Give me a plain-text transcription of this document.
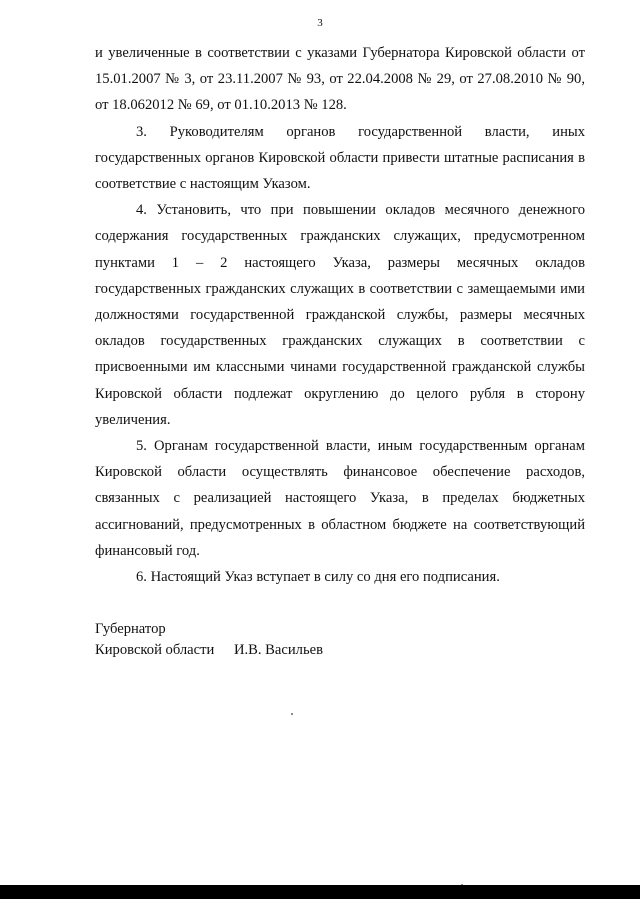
3

и увеличенные в соответствии с указами Губернатора Кировской области от 15.01.2007 № 3, от 23.11.2007 № 93, от 22.04.2008 № 29, от 27.08.2010 № 90, от 18.062012 № 69, от 01.10.2013 № 128.

3. Руководителям органов государственной власти, иных государственных органов Кировской области привести штатные расписания в соответствие с настоящим Указом.

4. Установить, что при повышении окладов месячного денежного содержания государственных гражданских служащих, предусмотренном пунктами 1 – 2 настоящего Указа, размеры месячных окладов государственных гражданских служащих в соответствии с замещаемыми ими должностями государственной гражданской службы, размеры месячных окладов государственных гражданских служащих в соответствии с присвоенными им классными чинами государственной гражданской службы Кировской области подлежат округлению до целого рубля в сторону увеличения.

5. Органам государственной власти, иным государственным органам Кировской области осуществлять финансовое обеспечение расходов, связанных с реализацией настоящего Указа, в пределах бюджетных ассигнований, предусмотренных в областном бюджете на соответствующий финансовый год.

6. Настоящий Указ вступает в силу со дня его подписания.

Губернатор
Кировской области И.В. Васильев
